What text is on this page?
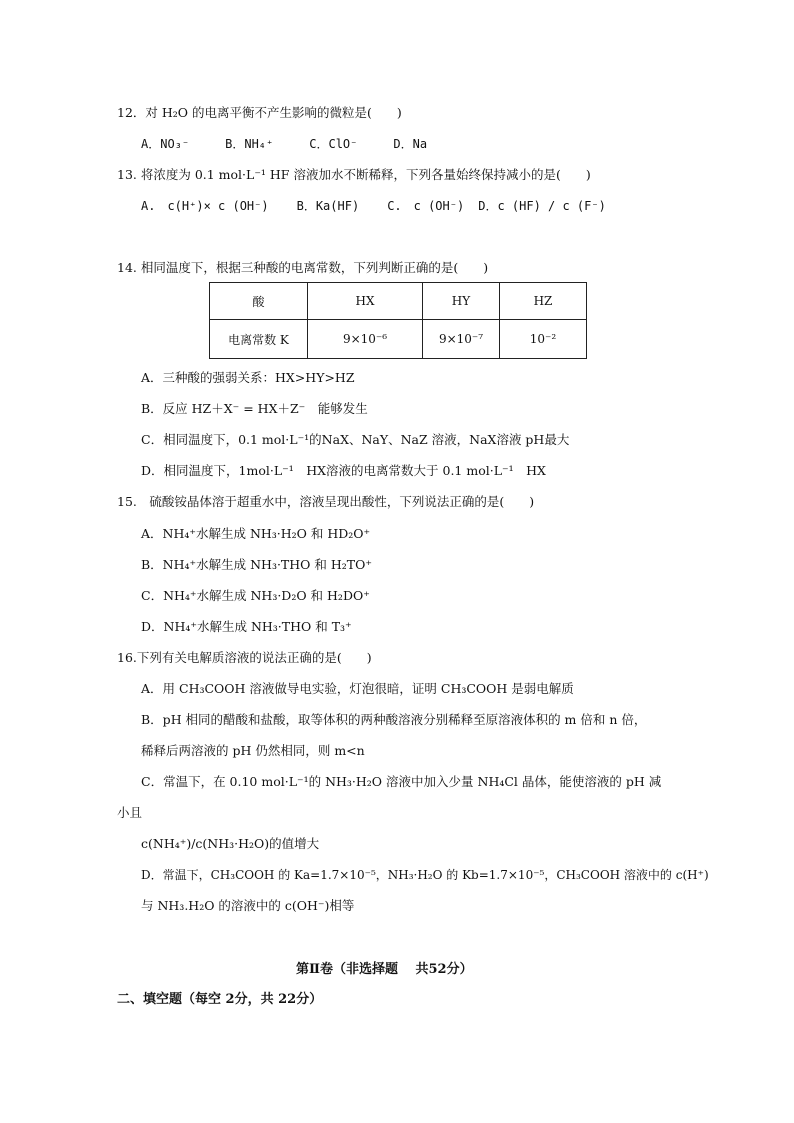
12．对 H₂O 的电离平衡不产生影响的微粒是(　　)
A．NO₃⁻	B．NH₄⁺	C．ClO⁻	D．Na
13. 将浓度为 0.1 mol·L⁻¹ HF 溶液加水不断稀释，下列各量始终保持减小的是(　　)
A.　c(H⁺)× c (OH⁻) B．Ka(HF) C.　c (OH⁻) D．c (HF) / c (F⁻)
14. 相同温度下，根据三种酸的电离常数，下列判断正确的是(　　)
酸	HX	HY	HZ
电离常数 K	9×10⁻⁶	9×10⁻⁷	10⁻²
A．三种酸的强弱关系：HX>HY>HZ
B．反应 HZ＋X⁻ = HX＋Z⁻　能够发生
C．相同温度下，0.1 mol·L⁻¹的NaX、NaY、NaZ 溶液，NaX溶液 pH最大
D．相同温度下，1mol·L⁻¹　HX溶液的电离常数大于 0.1 mol·L⁻¹　HX
15.　硫酸铵晶体溶于超重水中，溶液呈现出酸性，下列说法正确的是(　　)
A．NH₄⁺水解生成 NH₃·H₂O 和 HD₂O⁺
B．NH₄⁺水解生成 NH₃·THO 和 H₂TO⁺
C．NH₄⁺水解生成 NH₃·D₂O 和 H₂DO⁺
D．NH₄⁺水解生成 NH₃·THO 和 T₃⁺
16.下列有关电解质溶液的说法正确的是(　　)
A．用 CH₃COOH 溶液做导电实验，灯泡很暗，证明 CH₃COOH 是弱电解质
B．pH 相同的醋酸和盐酸，取等体积的两种酸溶液分别稀释至原溶液体积的 m 倍和 n 倍，
稀释后两溶液的 pH 仍然相同，则 m<n
C．常温下，在 0.10 mol·L⁻¹的 NH₃·H₂O 溶液中加入少量 NH₄Cl 晶体，能使溶液的 pH 减
小且
c(NH₄⁺)/c(NH₃·H₂O)的值增大
D．常温下，CH₃COOH 的 Ka=1.7×10⁻⁵，NH₃·H₂O 的 Kb=1.7×10⁻⁵，CH₃COOH 溶液中的 c(H⁺)
与 NH₃.H₂O 的溶液中的 c(OH⁻)相等
第Ⅱ卷（非选择题　 共52分）
二、填空题（每空 2分，共 22分）
